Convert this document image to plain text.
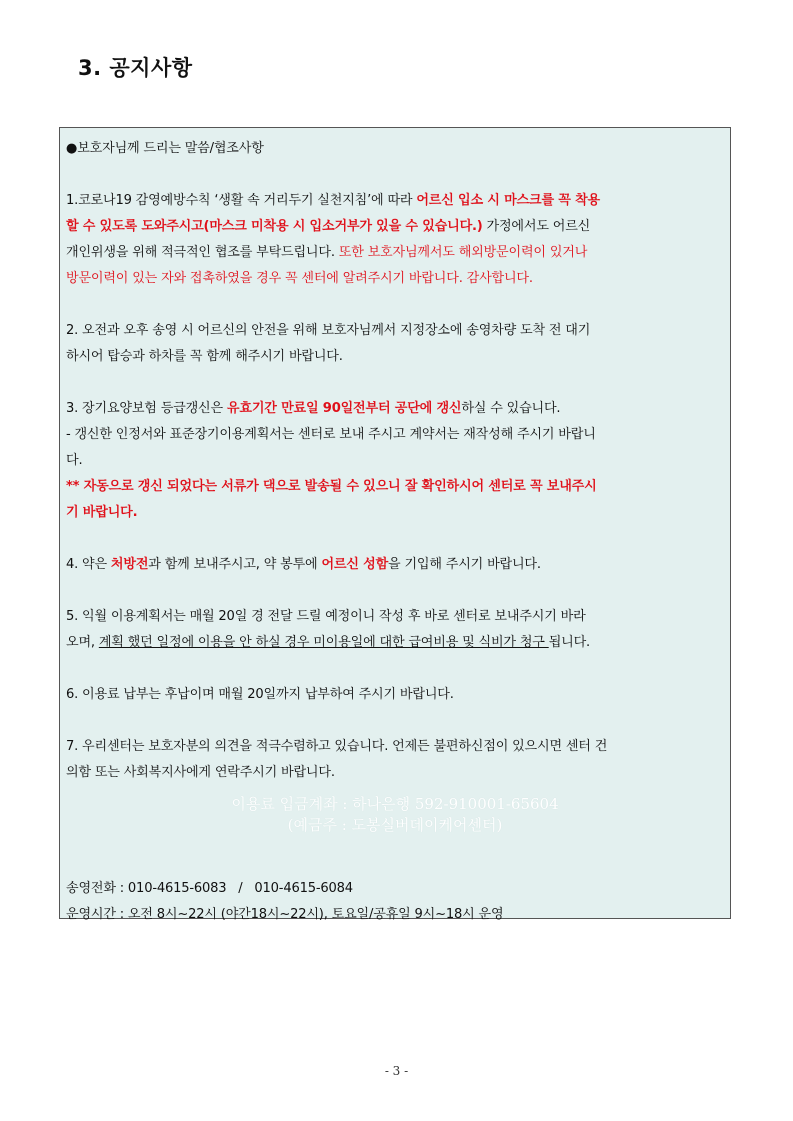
3. 공지사항

●보호자님께 드리는 말씀/협조사항

1.코로나19 감영예방수칙 ‘생활 속 거리두기 실천지침’에 따라 어르신 입소 시 마스크를 꼭 착용
할 수 있도록 도와주시고(마스크 미착용 시 입소거부가 있을 수 있습니다.) 가정에서도 어르신
개인위생을 위해 적극적인 협조를 부탁드립니다. 또한 보호자님께서도 해외방문이력이 있거나
방문이력이 있는 자와 접촉하였을 경우 꼭 센터에 알려주시기 바랍니다. 감사합니다.

2. 오전과 오후 송영 시 어르신의 안전을 위해 보호자님께서 지정장소에 송영차량 도착 전 대기
하시어 탑승과 하차를 꼭 함께 해주시기 바랍니다.

3. 장기요양보험 등급갱신은 유효기간 만료일 90일전부터 공단에 갱신하실 수 있습니다.
- 갱신한 인정서와 표준장기이용계획서는 센터로 보내 주시고 계약서는 재작성해 주시기 바랍니
다.
** 자동으로 갱신 되었다는 서류가 댁으로 발송될 수 있으니 잘 확인하시어 센터로 꼭 보내주시
기 바랍니다.

4. 약은 처방전과 함께 보내주시고, 약 봉투에 어르신 성함을 기입해 주시기 바랍니다.

5. 익월 이용계획서는 매월 20일 경 전달 드릴 예정이니 작성 후 바로 센터로 보내주시기 바라
오며, 계획 했던 일정에 이용을 안 하실 경우 미이용일에 대한 급여비용 및 식비가 청구 됩니다.

6. 이용료 납부는 후납이며 매월 20일까지 납부하여 주시기 바랍니다.

7. 우리센터는 보호자분의 의견을 적극수렴하고 있습니다. 언제든 불편하신점이 있으시면 센터 건
의함 또는 사회복지사에게 연락주시기 바랍니다.

이용료 입금계좌 : 하나은행 592-910001-65604
(예금주 : 도봉실버데이케어센터)

송영전화 : 010-4615-6083   /   010-4615-6084

운영시간 : 오전 8시~22시 (야간18시~22시), 토요일/공휴일 9시~18시 운영

- 3 -
